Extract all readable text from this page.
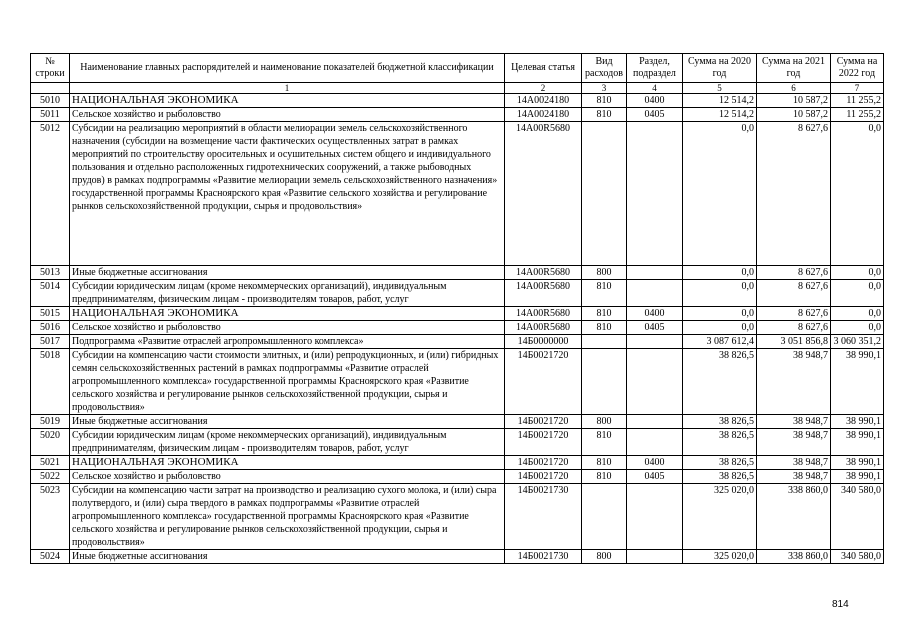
№ строки	Наименование главных распорядителей и наименование показателей бюджетной классификации	Целевая статья	Вид расходов	Раздел, подраздел	Сумма на 2020 год	Сумма на 2021 год	Сумма на 2022 год
	1	2	3	4	5	6	7
5010	НАЦИОНАЛЬНАЯ ЭКОНОМИКА	14А0024180	810	0400	12 514,2	10 587,2	11 255,2
5011	Сельское хозяйство и рыболовство	14А0024180	810	0405	12 514,2	10 587,2	11 255,2
5012	Субсидии на реализацию мероприятий в области мелиорации земель сельскохозяйственного назначения (субсидии на возмещение части фактических осуществленных затрат в рамках мероприятий по строительству оросительных и осушительных систем общего и индивидуального пользования и отдельно расположенных гидротехнических сооружений, а также рыбоводных прудов) в рамках подпрограммы «Развитие мелиорации земель сельскохозяйственного назначения» государственной программы Красноярского края «Развитие сельского хозяйства и регулирование рынков сельскохозяйственной продукции, сырья и продовольствия»	14А00R5680			0,0	8 627,6	0,0
5013	Иные бюджетные ассигнования	14А00R5680	800		0,0	8 627,6	0,0
5014	Субсидии юридическим лицам (кроме некоммерческих организаций), индивидуальным предпринимателям, физическим лицам - производителям товаров, работ, услуг	14А00R5680	810		0,0	8 627,6	0,0
5015	НАЦИОНАЛЬНАЯ ЭКОНОМИКА	14А00R5680	810	0400	0,0	8 627,6	0,0
5016	Сельское хозяйство и рыболовство	14А00R5680	810	0405	0,0	8 627,6	0,0
5017	Подпрограмма «Развитие отраслей агропромышленного комплекса»	14Б0000000			3 087 612,4	3 051 856,8	3 060 351,2
5018	Субсидии на компенсацию части стоимости элитных, и (или) репродукционных, и (или) гибридных семян сельскохозяйственных растений в рамках подпрограммы «Развитие отраслей агропромышленного комплекса» государственной программы Красноярского края «Развитие сельского хозяйства и регулирование рынков сельскохозяйственной продукции, сырья и продовольствия»	14Б0021720			38 826,5	38 948,7	38 990,1
5019	Иные бюджетные ассигнования	14Б0021720	800		38 826,5	38 948,7	38 990,1
5020	Субсидии юридическим лицам (кроме некоммерческих организаций), индивидуальным предпринимателям, физическим лицам - производителям товаров, работ, услуг	14Б0021720	810		38 826,5	38 948,7	38 990,1
5021	НАЦИОНАЛЬНАЯ ЭКОНОМИКА	14Б0021720	810	0400	38 826,5	38 948,7	38 990,1
5022	Сельское хозяйство и рыболовство	14Б0021720	810	0405	38 826,5	38 948,7	38 990,1
5023	Субсидии на компенсацию части затрат на производство и реализацию сухого молока, и (или) сыра полутвердого, и (или) сыра твердого в рамках подпрограммы «Развитие отраслей агропромышленного комплекса» государственной программы Красноярского края «Развитие сельского хозяйства и регулирование рынков сельскохозяйственной продукции, сырья и продовольствия»	14Б0021730			325 020,0	338 860,0	340 580,0
5024	Иные бюджетные ассигнования	14Б0021730	800		325 020,0	338 860,0	340 580,0
814
